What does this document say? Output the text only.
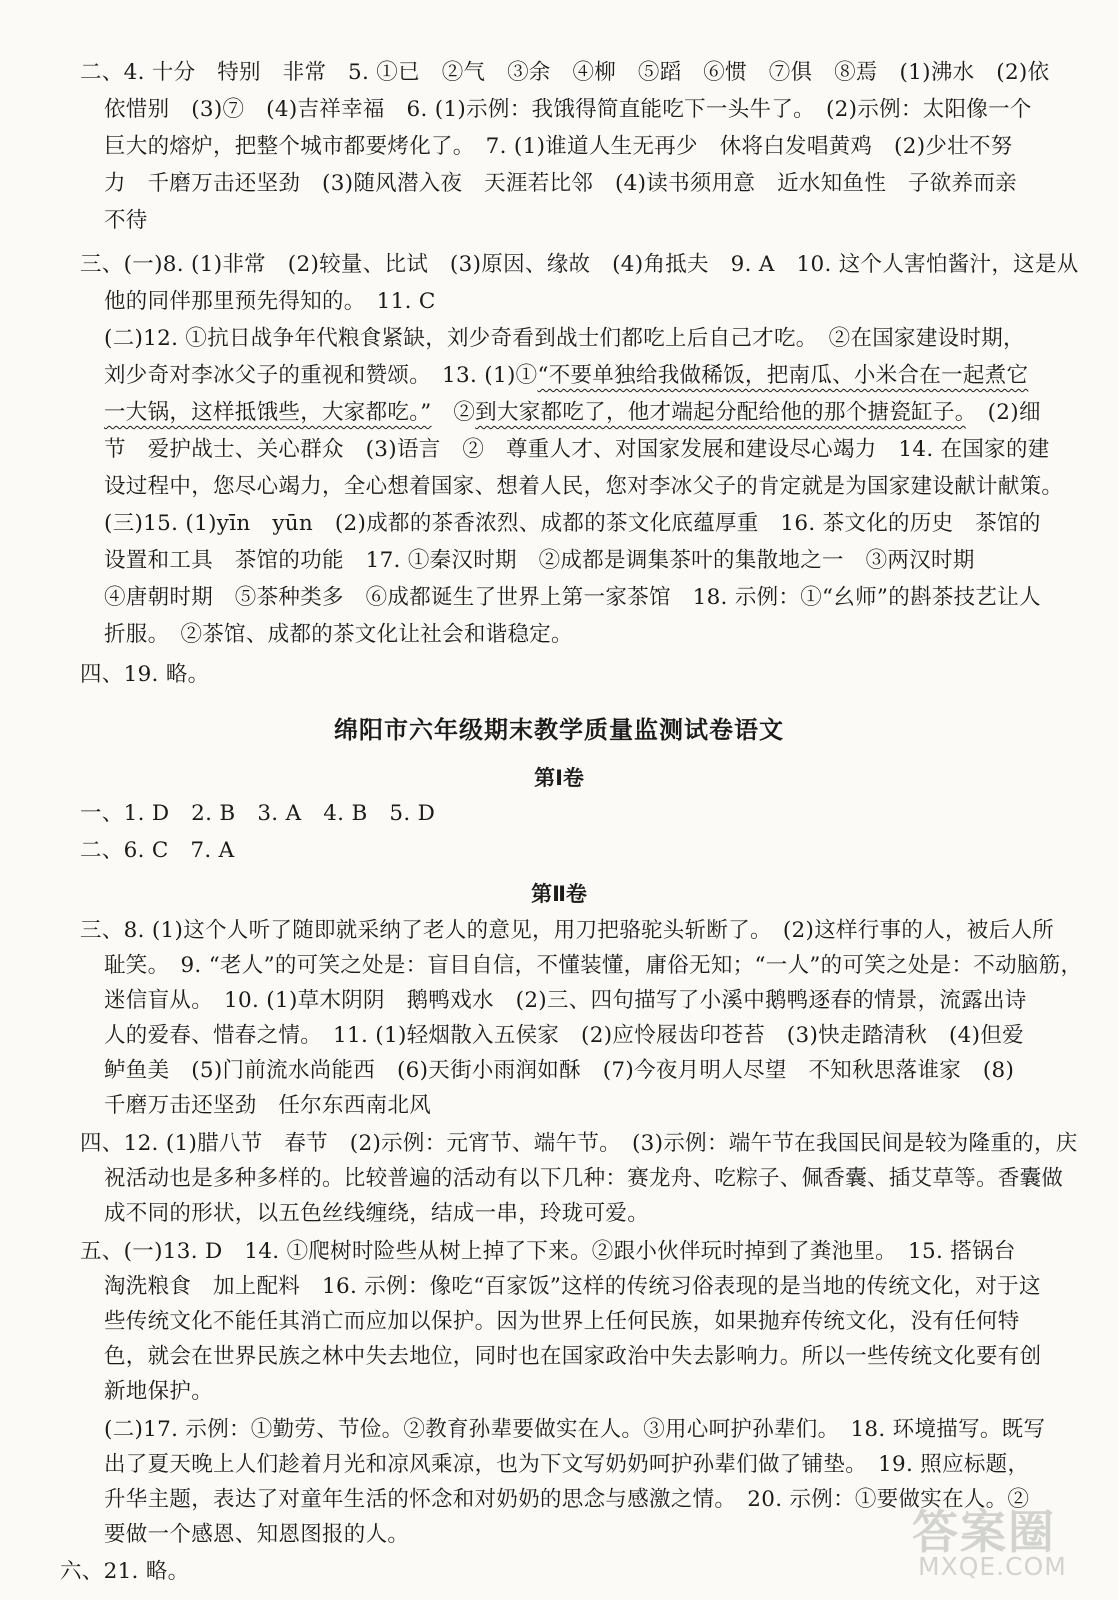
二、4. 十分　特别　非常　5. ①已　②气　③余　④柳　⑤蹈　⑥惯　⑦俱　⑧焉　(1)沸水　(2)依
依惜别　(3)⑦　(4)吉祥幸福　6. (1)示例：我饿得简直能吃下一头牛了。　(2)示例：太阳像一个
巨大的熔炉，把整个城市都要烤化了。　7. (1)谁道人生无再少　休将白发唱黄鸡　(2)少壮不努
力　千磨万击还坚劲　(3)随风潜入夜　天涯若比邻　(4)读书须用意　近水知鱼性　子欲养而亲
不待
三、(一)8. (1)非常　(2)较量、比试　(3)原因、缘故　(4)角抵夫　9. A　10. 这个人害怕酱汁，这是从
他的同伴那里预先得知的。　11. C
(二)12. ①抗日战争年代粮食紧缺，刘少奇看到战士们都吃上后自己才吃。　②在国家建设时期，
刘少奇对李冰父子的重视和赞颂。　13. (1)①“不要单独给我做稀饭，把南瓜、小米合在一起煮它
一大锅，这样抵饿些，大家都吃。”　②到大家都吃了，他才端起分配给他的那个搪瓷缸子。　(2)细
节　爱护战士、关心群众　(3)语言　②　尊重人才、对国家发展和建设尽心竭力　14. 在国家的建
设过程中，您尽心竭力，全心想着国家、想着人民，您对李冰父子的肯定就是为国家建设献计献策。
(三)15. (1)yīn　yūn　(2)成都的茶香浓烈、成都的茶文化底蕴厚重　16. 茶文化的历史　茶馆的
设置和工具　茶馆的功能　17. ①秦汉时期　②成都是调集茶叶的集散地之一　③两汉时期
④唐朝时期　⑤茶种类多　⑥成都诞生了世界上第一家茶馆　18. 示例：①“幺师”的斟茶技艺让人
折服。　②茶馆、成都的茶文化让社会和谐稳定。
四、19. 略。
绵阳市六年级期末教学质量监测试卷语文
第Ⅰ卷
一、1. D　2. B　3. A　4. B　5. D
二、6. C　7. A
第Ⅱ卷
三、8. (1)这个人听了随即就采纳了老人的意见，用刀把骆驼头斩断了。　(2)这样行事的人，被后人所
耻笑。　9. “老人”的可笑之处是：盲目自信，不懂装懂，庸俗无知；“一人”的可笑之处是：不动脑筋，
迷信盲从。　10. (1)草木阴阴　鹅鸭戏水　(2)三、四句描写了小溪中鹅鸭逐春的情景，流露出诗
人的爱春、惜春之情。　11. (1)轻烟散入五侯家　(2)应怜屐齿印苍苔　(3)快走踏清秋　(4)但爱
鲈鱼美　(5)门前流水尚能西　(6)天街小雨润如酥　(7)今夜月明人尽望　不知秋思落谁家　(8)
千磨万击还坚劲　任尔东西南北风
四、12. (1)腊八节　春节　(2)示例：元宵节、端午节。　(3)示例：端午节在我国民间是较为隆重的，庆
祝活动也是多种多样的。比较普遍的活动有以下几种：赛龙舟、吃粽子、佩香囊、插艾草等。香囊做
成不同的形状，以五色丝线缠绕，结成一串，玲珑可爱。
五、(一)13. D　14. ①爬树时险些从树上掉了下来。②跟小伙伴玩时掉到了粪池里。　15. 搭锅台
淘洗粮食　加上配料　16. 示例：像吃“百家饭”这样的传统习俗表现的是当地的传统文化，对于这
些传统文化不能任其消亡而应加以保护。因为世界上任何民族，如果抛弃传统文化，没有任何特
色，就会在世界民族之林中失去地位，同时也在国家政治中失去影响力。所以一些传统文化要有创
新地保护。
(二)17. 示例：①勤劳、节俭。②教育孙辈要做实在人。③用心呵护孙辈们。　18. 环境描写。既写
出了夏天晚上人们趁着月光和凉风乘凉，也为下文写奶奶呵护孙辈们做了铺垫。　19. 照应标题，
升华主题，表达了对童年生活的怀念和对奶奶的思念与感激之情。　20. 示例：①要做实在人。②
要做一个感恩、知恩图报的人。
六、21. 略。
答案圈
MXQE.COM
